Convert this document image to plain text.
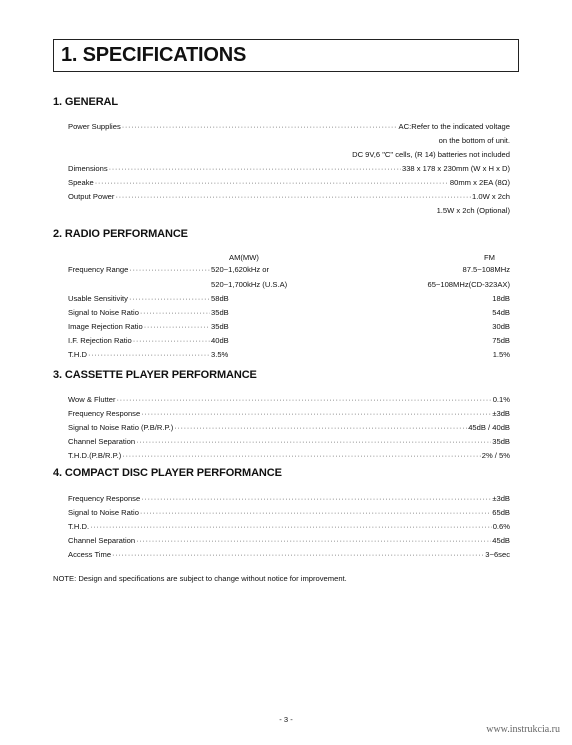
1. SPECIFICATIONS
1. GENERAL
Power Supplies ·····	AC:Refer to the indicated voltage
on the bottom of unit.
DC 9V,6 "C" cells, (R 14) batteries not included
Dimensions ·····	338 x 178 x 230mm (W x H x D)
Speake ·····	80mm x 2EA (8Ω)
Output Power ·····	1.0W x 2ch
1.5W x 2ch (Optional)
2. RADIO PERFORMANCE
AM(MW)	FM
Frequency Range ·····	520~1,620kHz or	87.5~108MHz
520~1,700kHz (U.S.A)	65~108MHz(CD-323AX)
Usable Sensitivity ·····	58dB	18dB
Signal to Noise Ratio ·····	35dB	54dB
Image Rejection Ratio ·····	35dB	30dB
I.F. Rejection Ratio ·····	40dB	75dB
T.H.D ·····	3.5%	1.5%
3. CASSETTE PLAYER PERFORMANCE
Wow & Flutter ·····	0.1%
Frequency Response ·····	±3dB
Signal to Noise Ratio (P.B/R.P.) ·····	45dB / 40dB
Channel Separation ·····	35dB
T.H.D.(P.B/R.P.) ·····	2% / 5%
4. COMPACT DISC PLAYER PERFORMANCE
Frequency Response ·····	±3dB
Signal to Noise Ratio ·····	65dB
T.H.D. ·····	0.6%
Channel Separation ·····	45dB
Access Time ·····	3~6sec
NOTE: Design and specifications are subject to change without notice for improvement.
- 3 -
www.instrukcia.ru
